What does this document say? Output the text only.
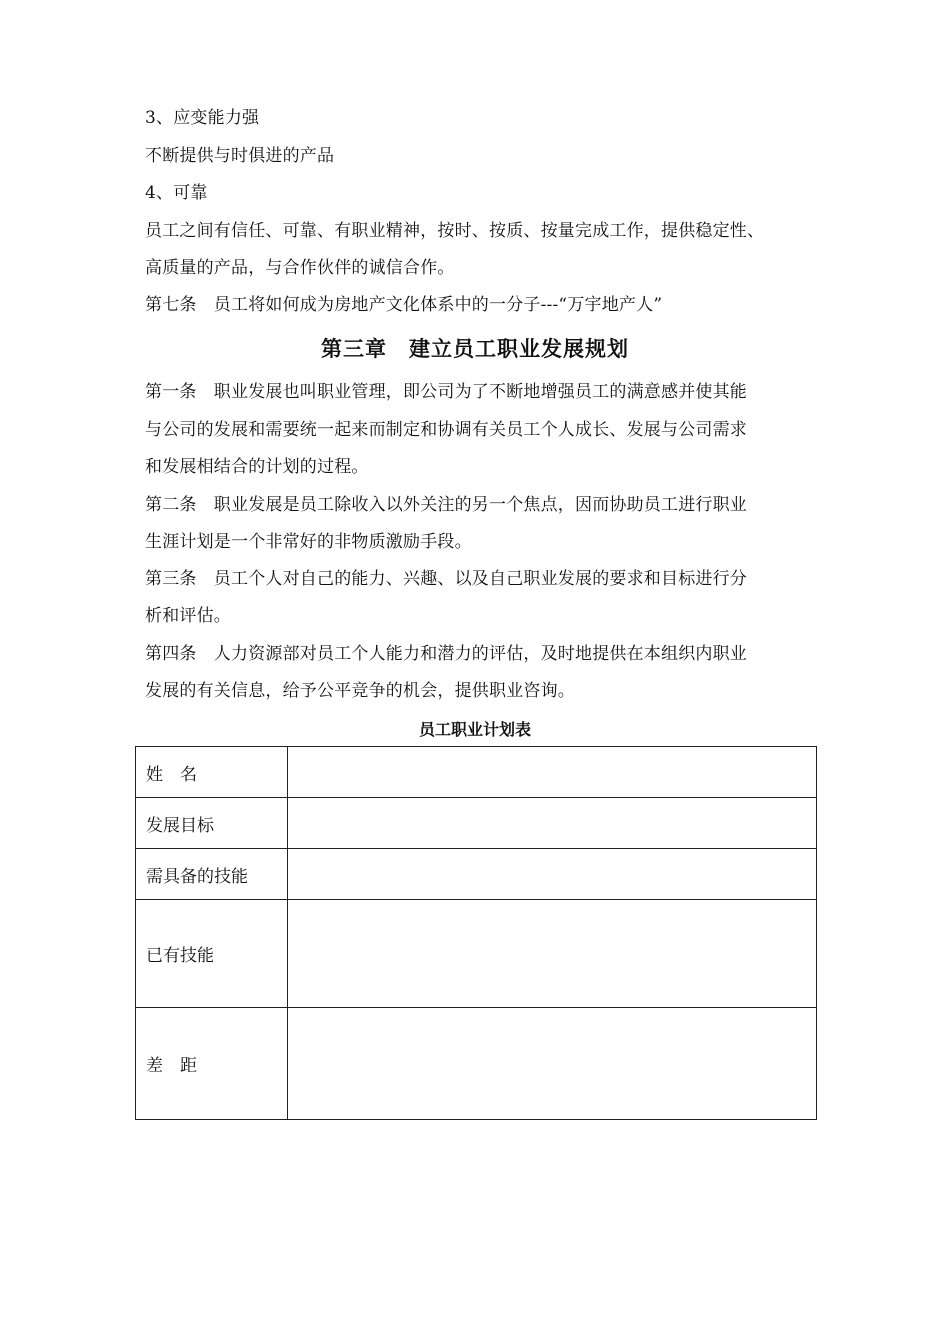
3、应变能力强
不断提供与时俱进的产品
4、可靠
员工之间有信任、可靠、有职业精神，按时、按质、按量完成工作，提供稳定性、
高质量的产品，与合作伙伴的诚信合作。
第七条　员工将如何成为房地产文化体系中的一分子---“万宇地产人”
第三章　建立员工职业发展规划
第一条　职业发展也叫职业管理，即公司为了不断地增强员工的满意感并使其能
与公司的发展和需要统一起来而制定和协调有关员工个人成长、发展与公司需求
和发展相结合的计划的过程。
第二条　职业发展是员工除收入以外关注的另一个焦点，因而协助员工进行职业
生涯计划是一个非常好的非物质激励手段。
第三条　员工个人对自己的能力、兴趣、以及自己职业发展的要求和目标进行分
析和评估。
第四条　人力资源部对员工个人能力和潜力的评估，及时地提供在本组织内职业
发展的有关信息，给予公平竞争的机会，提供职业咨询。
员工职业计划表
姓　名	
发展目标	
需具备的技能	
已有技能	
差　距	
